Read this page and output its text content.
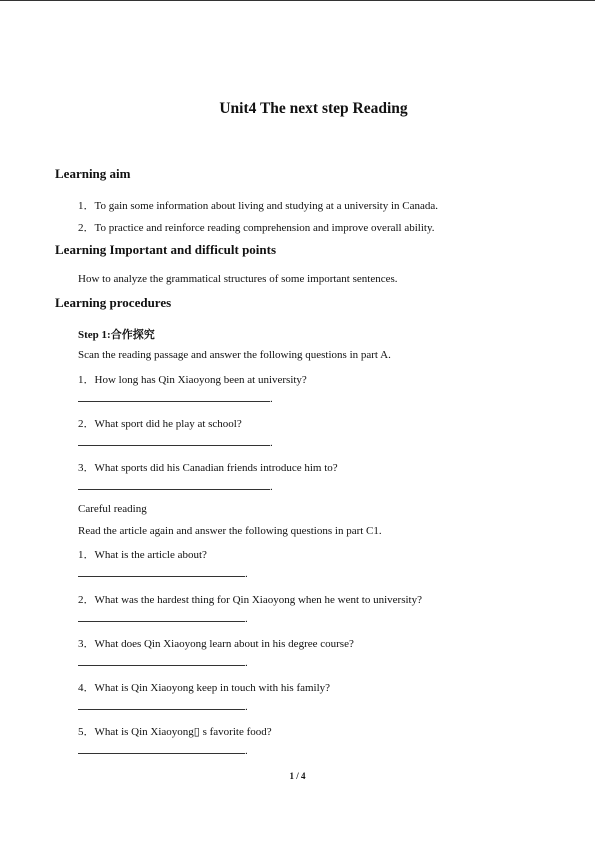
Unit4 The next step Reading
Learning aim
1．To gain some information about living and studying at a university in Canada.
2．To practice and reinforce reading comprehension and improve overall ability.
Learning Important and difficult points
How to analyze the grammatical structures of some important sentences.
Learning procedures
Step 1:合作探究
Scan the reading passage and answer the following questions in part A.
1．How long has Qin Xiaoyong been at university?
.
2．What sport did he play at school?
.
3．What sports did his Canadian friends introduce him to?
.
Careful reading
Read the article again and answer the following questions in part C1.
1．What is the article about?
.
2．What was the hardest thing for Qin Xiaoyong when he went to university?
.
3．What does Qin Xiaoyong learn about in his degree course?
.
4．What is Qin Xiaoyong keep in touch with his family?
.
5．What is Qin Xiaoyong▯ s favorite food?
.
1 / 4
